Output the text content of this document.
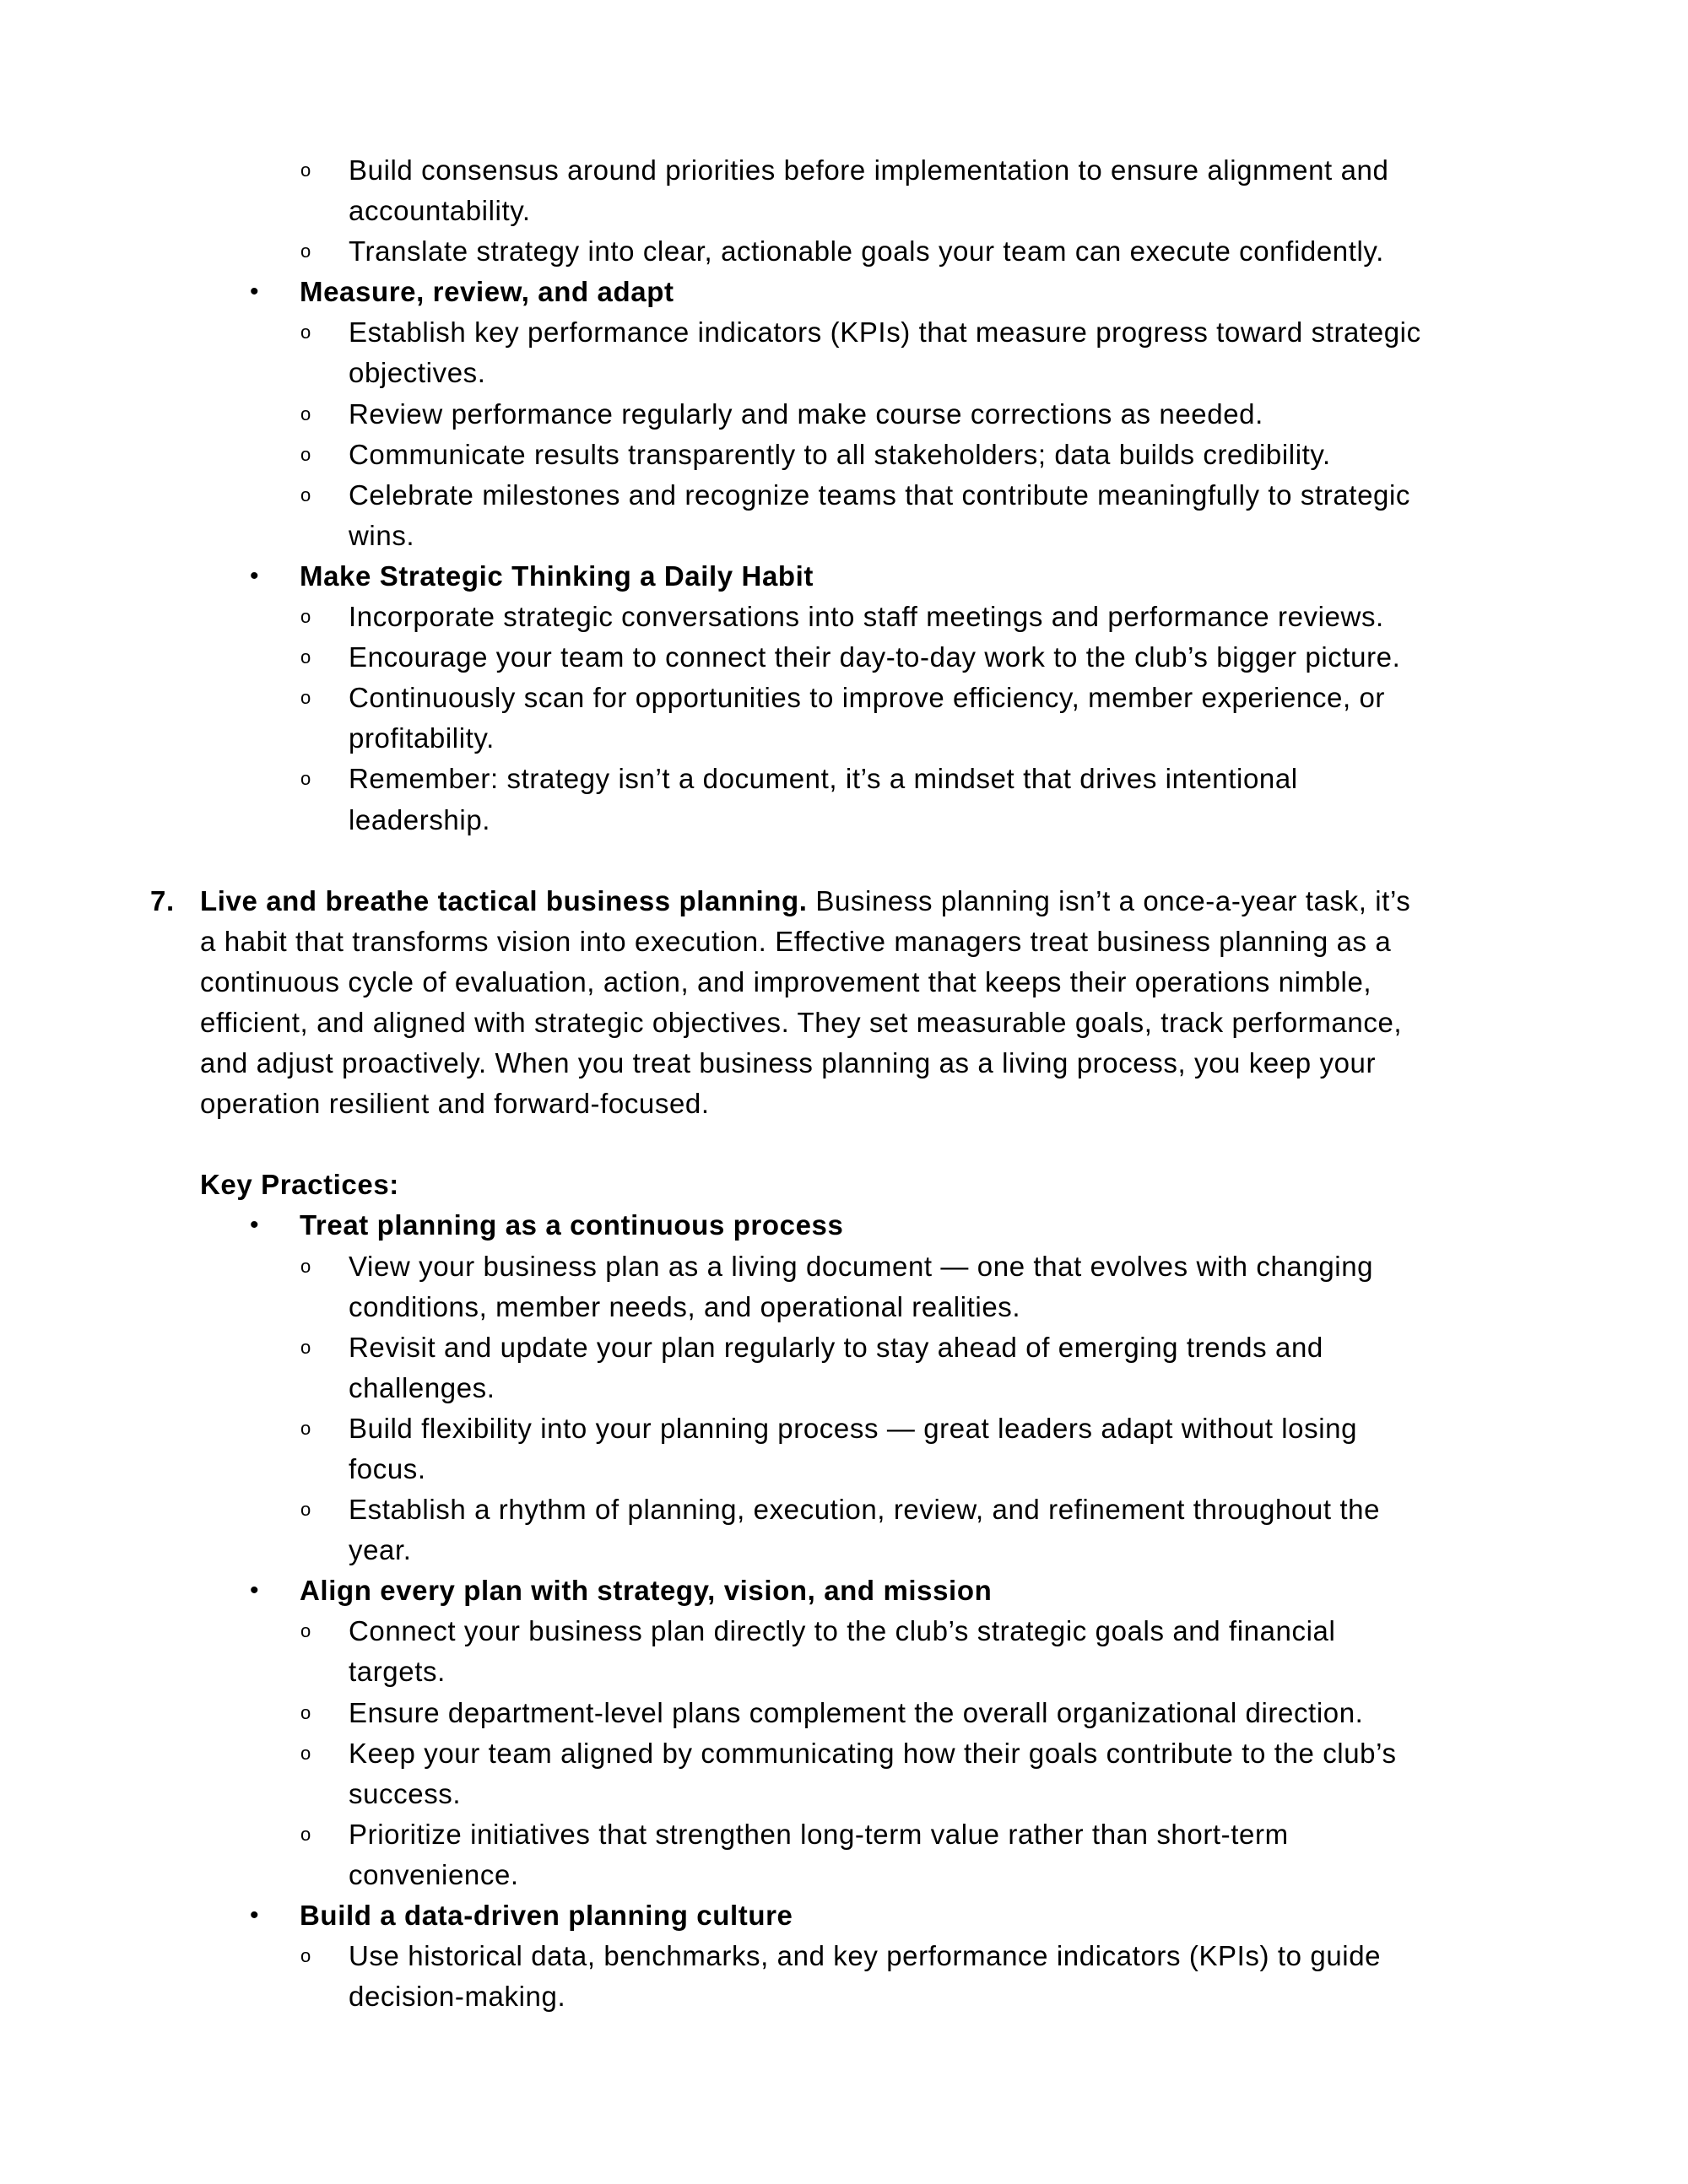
o Build consensus around priorities before implementation to ensure alignment and
accountability.
o Translate strategy into clear, actionable goals your team can execute confidently.
• Measure, review, and adapt
o Establish key performance indicators (KPIs) that measure progress toward strategic
objectives.
o Review performance regularly and make course corrections as needed.
o Communicate results transparently to all stakeholders; data builds credibility.
o Celebrate milestones and recognize teams that contribute meaningfully to strategic
wins.
• Make Strategic Thinking a Daily Habit
o Incorporate strategic conversations into staff meetings and performance reviews.
o Encourage your team to connect their day-to-day work to the club’s bigger picture.
o Continuously scan for opportunities to improve efficiency, member experience, or
profitability.
o Remember: strategy isn’t a document, it’s a mindset that drives intentional
leadership.
7. Live and breathe tactical business planning. Business planning isn’t a once-a-year task, it’s
a habit that transforms vision into execution. Effective managers treat business planning as a
continuous cycle of evaluation, action, and improvement that keeps their operations nimble,
efficient, and aligned with strategic objectives. They set measurable goals, track performance,
and adjust proactively. When you treat business planning as a living process, you keep your
operation resilient and forward-focused.
Key Practices:
• Treat planning as a continuous process
o View your business plan as a living document — one that evolves with changing
conditions, member needs, and operational realities.
o Revisit and update your plan regularly to stay ahead of emerging trends and
challenges.
o Build flexibility into your planning process — great leaders adapt without losing
focus.
o Establish a rhythm of planning, execution, review, and refinement throughout the
year.
• Align every plan with strategy, vision, and mission
o Connect your business plan directly to the club’s strategic goals and financial
targets.
o Ensure department-level plans complement the overall organizational direction.
o Keep your team aligned by communicating how their goals contribute to the club’s
success.
o Prioritize initiatives that strengthen long-term value rather than short-term
convenience.
• Build a data-driven planning culture
o Use historical data, benchmarks, and key performance indicators (KPIs) to guide
decision-making.
